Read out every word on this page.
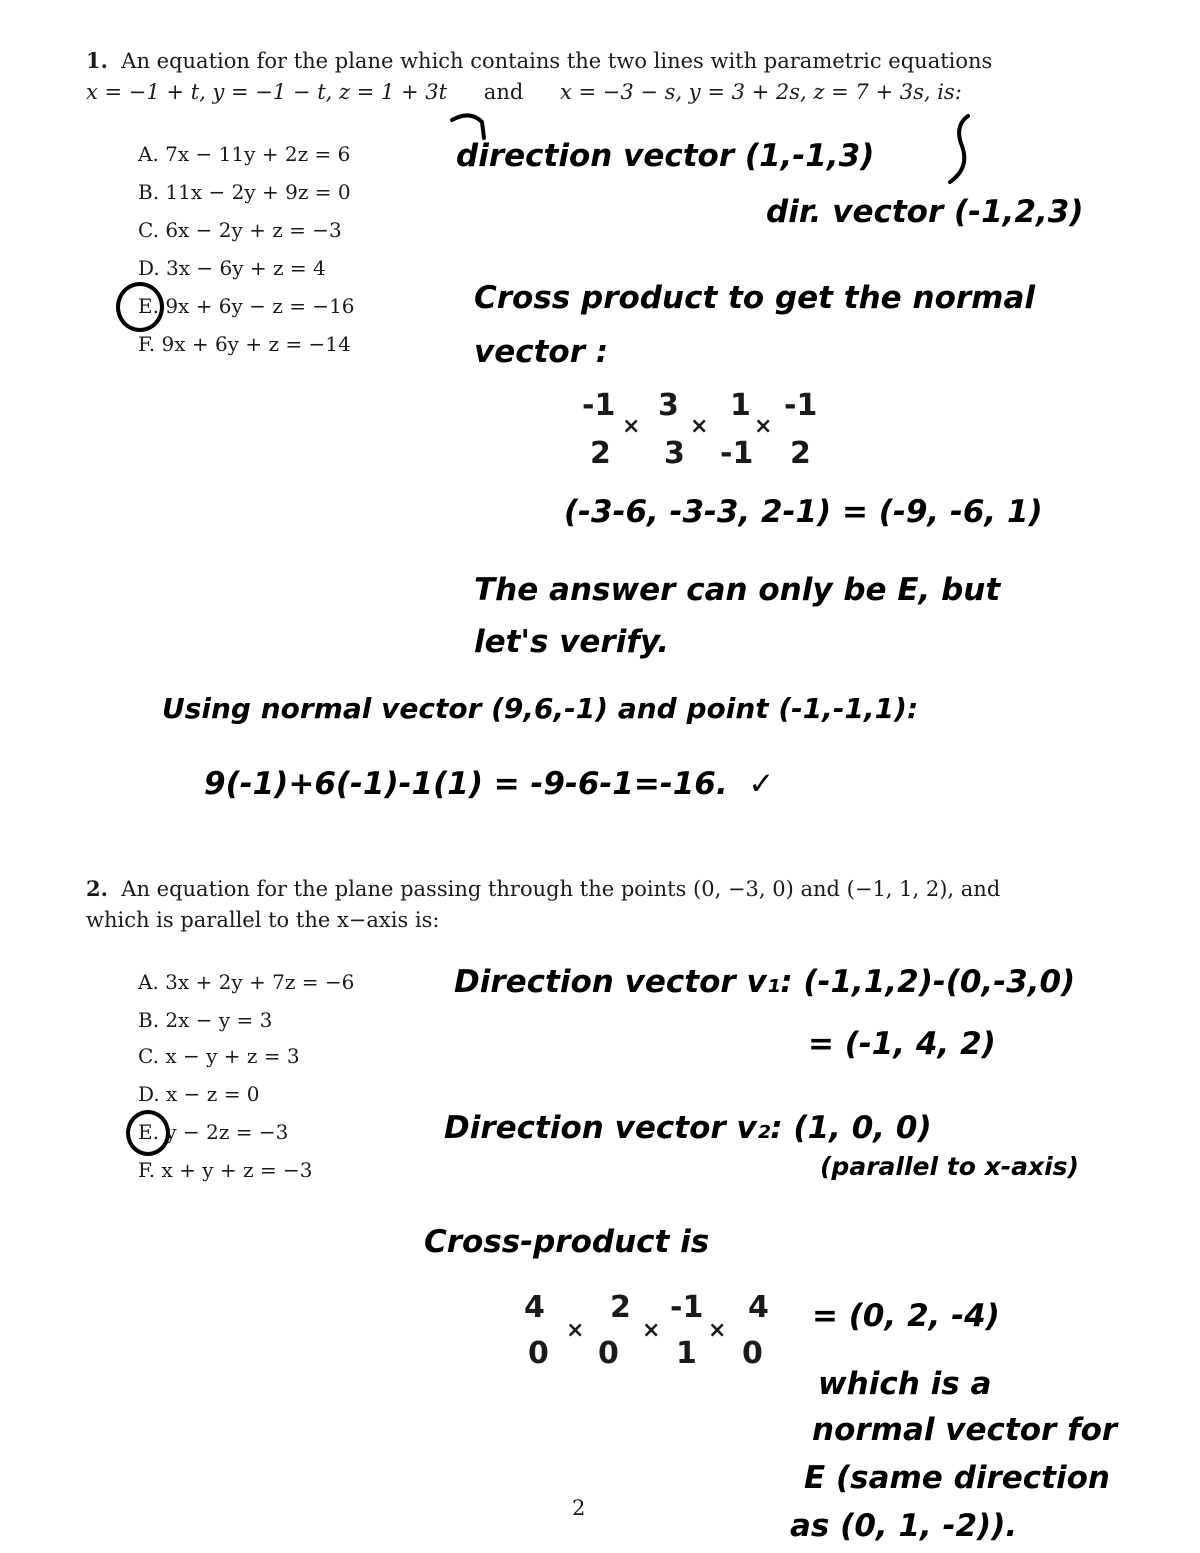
1. An equation for the plane which contains the two lines with parametric equations
x = −1 + t, y = −1 − t, z = 1 + 3t and x = −3 − s, y = 3 + 2s, z = 7 + 3s, is:
A. 7x − 11y + 2z = 6
B. 11x − 2y + 9z = 0
C. 6x − 2y + z = −3
D. 3x − 6y + z = 4
E. 9x + 6y − z = −16
F. 9x + 6y + z = −14
direction vector (1,-1,3)
dir. vector (-1,2,3)
Cross product to get the normal
vector :
-1 3 1 -1
2 3 -1 2
× × ×
(-3-6, -3-3, 2-1) = (-9, -6, 1)
The answer can only be E, but
let's verify.
Using normal vector (9,6,-1) and point (-1,-1,1):
9(-1)+6(-1)-1(1) = -9-6-1=-16. ✓
2. An equation for the plane passing through the points (0, −3, 0) and (−1, 1, 2), and
which is parallel to the x−axis is:
A. 3x + 2y + 7z = −6
B. 2x − y = 3
C. x − y + z = 3
D. x − z = 0
E. y − 2z = −3
F. x + y + z = −3
Direction vector v₁: (-1,1,2)-(0,-3,0)
= (-1, 4, 2)
Direction vector v₂: (1, 0, 0)
(parallel to x-axis)
Cross-product is
4 2 -1 4
0 0 1 0
×	× ×	= (0, 2, -4)
which is a
normal vector for
E (same direction
as (0, 1, -2)).
2
